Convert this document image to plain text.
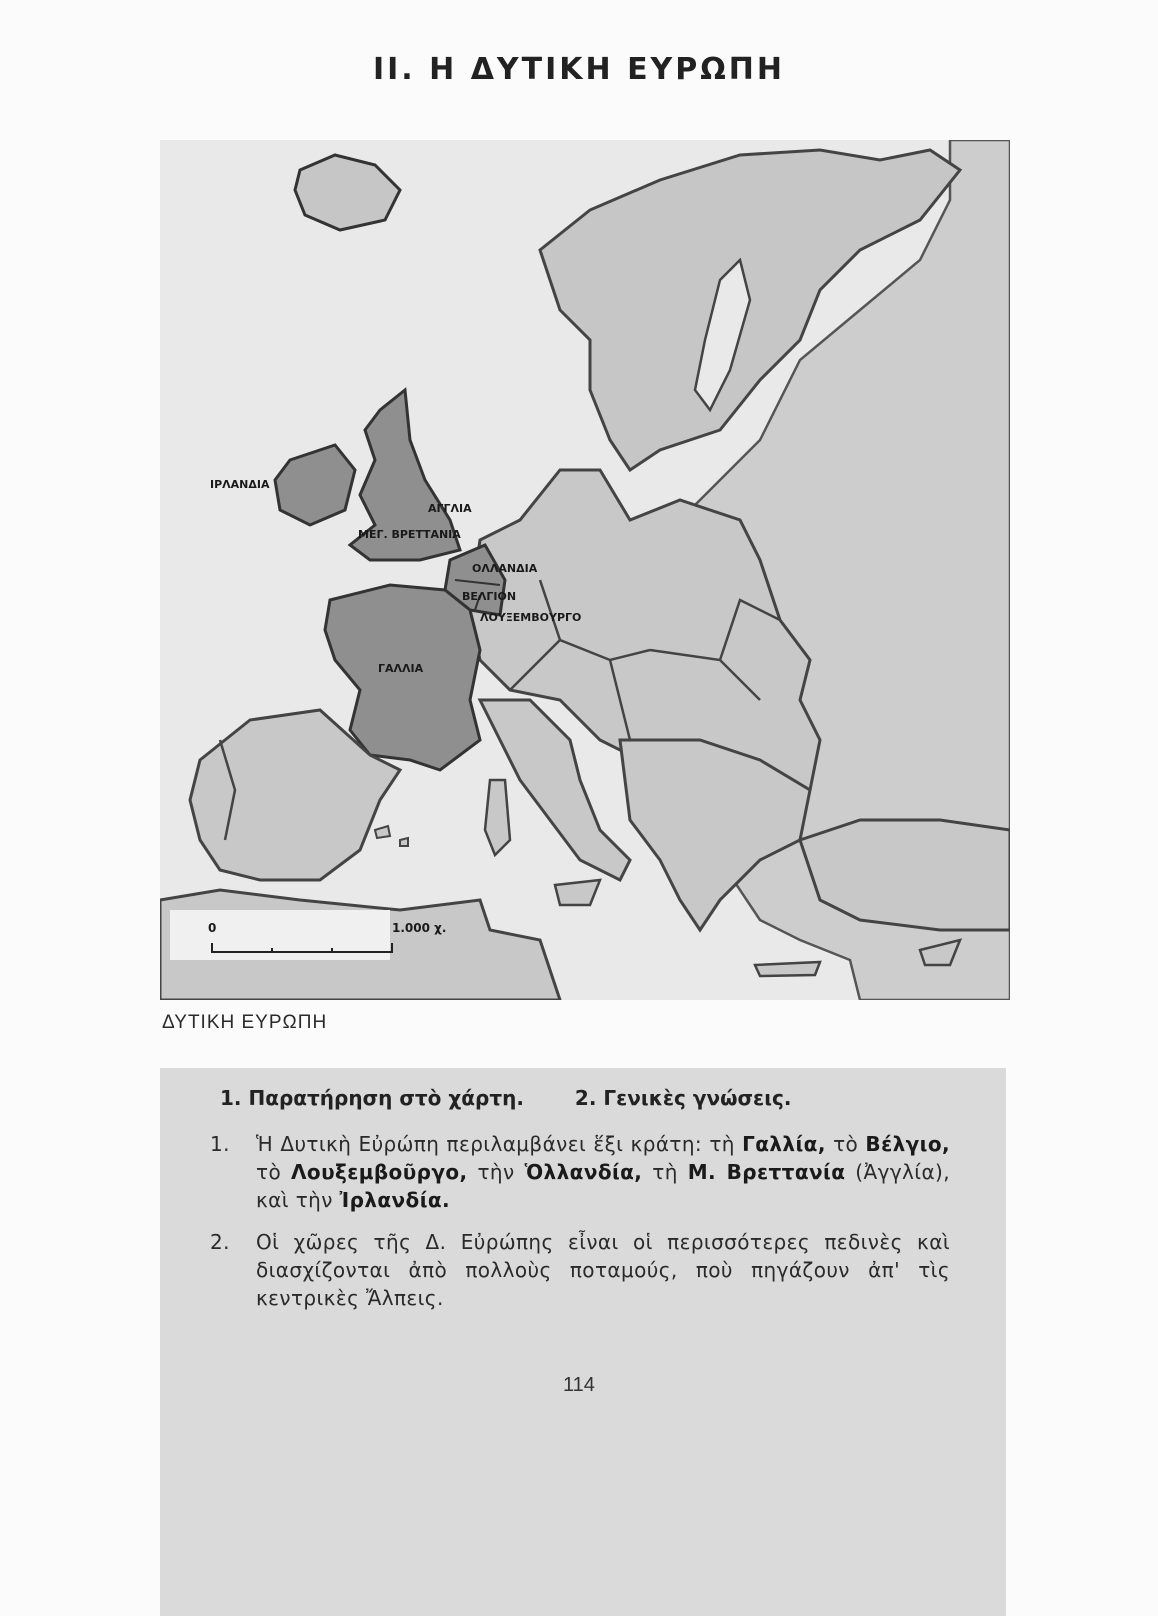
II. Η ΔΥΤΙΚΗ ΕΥΡΩΠΗ
ΙΡΛΑΝΔΙΑ
ΑΓΓΛΙΑ
ΜΕΓ. ΒΡΕΤΤΑΝΙΑ
ΟΛΛΑΝΔΙΑ
ΒΕΛΓΙΟΝ
ΛΟΥΞΕΜΒΟΥΡΓΟ
ΓΑΛΛΙΑ
0	1.000 χ.
ΔΥΤΙΚΗ ΕΥΡΩΠΗ
1. Παρατήρηση στὸ χάρτη.	2. Γενικὲς γνώσεις.
1. Ἡ Δυτικὴ Εὐρώπη περιλαμβάνει ἕξι κράτη: τὴ Γαλλία, τὸ Βέλγιο, τὸ Λουξεμβοῦργο, τὴν Ὁλλανδία, τὴ Μ. Βρεττανία (Ἀγγλία), καὶ τὴν Ἰρλανδία.
2. Οἱ χῶρες τῆς Δ. Εὐρώπης εἶναι οἱ περισσότερες πεδινὲς καὶ διασχίζονται ἀπὸ πολλοὺς ποταμούς, ποὺ πηγάζουν ἀπ' τὶς κεντρικὲς Ἄλπεις.
114
